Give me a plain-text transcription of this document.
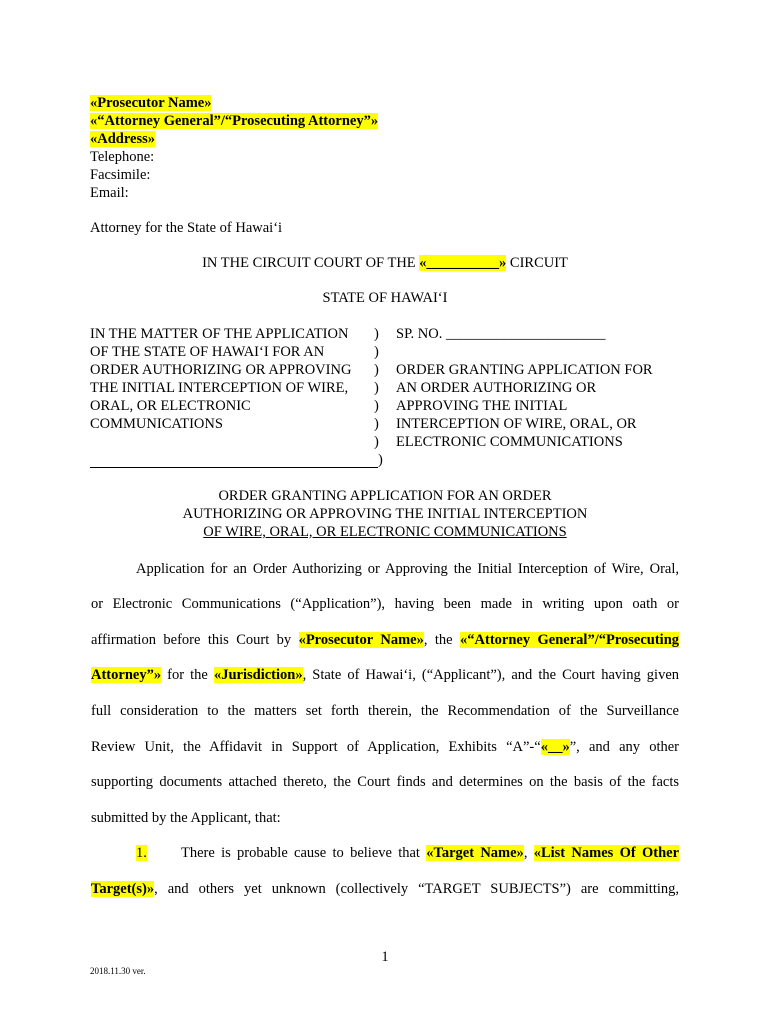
«Prosecutor Name»
«“Attorney General”/“Prosecuting Attorney”»
«Address»
Telephone:
Facsimile:
Email:
Attorney for the State of Hawai‘i
IN THE CIRCUIT COURT OF THE «__________» CIRCUIT
STATE OF HAWAI‘I
IN THE MATTER OF THE APPLICATION	)	SP. NO. ______________________
OF THE STATE OF HAWAI‘I FOR AN	)
ORDER AUTHORIZING OR APPROVING	)	ORDER GRANTING APPLICATION FOR
THE INITIAL INTERCEPTION OF WIRE,	)	AN ORDER AUTHORIZING OR
ORAL, OR ELECTRONIC	)	APPROVING THE INITIAL
COMMUNICATIONS	)	INTERCEPTION OF WIRE, ORAL, OR
)	ELECTRONIC COMMUNICATIONS
)
ORDER GRANTING APPLICATION FOR AN ORDER
AUTHORIZING OR APPROVING THE INITIAL INTERCEPTION
OF WIRE, ORAL, OR ELECTRONIC COMMUNICATIONS
Application for an Order Authorizing or Approving the Initial Interception of Wire, Oral,
or Electronic Communications (“Application”), having been made in writing upon oath or
affirmation before this Court by «Prosecutor Name», the «“Attorney General”/“Prosecuting
Attorney”» for the «Jurisdiction», State of Hawai‘i, (“Applicant”), and the Court having given
full consideration to the matters set forth therein, the Recommendation of the Surveillance
Review Unit, the Affidavit in Support of Application, Exhibits “A”-“«__»”, and any other
supporting documents attached thereto, the Court finds and determines on the basis of the facts
submitted by the Applicant, that:
1. There is probable cause to believe that «Target Name», «List Names Of Other
Target(s)», and others yet unknown (collectively “TARGET SUBJECTS”) are committing,
1
2018.11.30 ver.
